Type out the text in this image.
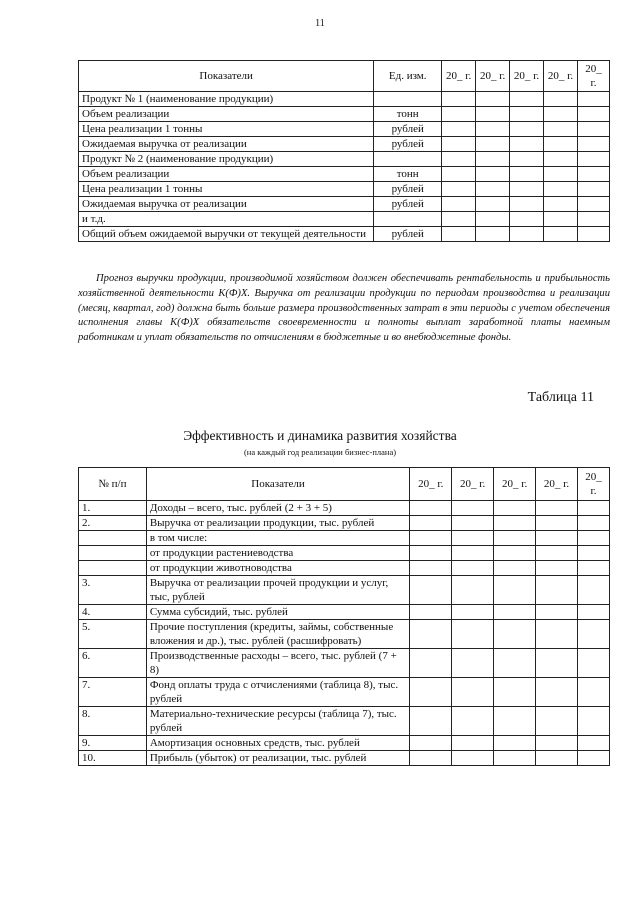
11
Показатели	Ед. изм.	20_ г.	20_ г.	20_ г.	20_ г.	20_ г.
Продукт № 1 (наименование продукции)						
Объем реализации	тонн					
Цена реализации 1 тонны	рублей					
Ожидаемая выручка от реализации	рублей					
Продукт № 2 (наименование продукции)						
Объем реализации	тонн					
Цена реализации 1 тонны	рублей					
Ожидаемая выручка от реализации	рублей					
и т.д.						
Общий объем ожидаемой выручки от текущей деятельности	рублей					

Прогноз выручки продукции, производимой хозяйством должен обеспечивать рентабельность и прибыльность хозяйственной деятельности К(Ф)Х. Выручка от реализации продукции по периодам производства и реализации (месяц, квартал, год) должна быть больше размера производственных затрат в эти периоды с учетом обеспечения исполнения главы К(Ф)Х обязательств своевременности и полноты выплат заработной платы наемным работникам и уплат обязательств по отчислениям в бюджетные и во внебюджетные фонды.

Таблица 11
Эффективность и динамика развития хозяйства
(на каждый год реализации бизнес-плана)
№ п/п	Показатели	20_ г.	20_ г.	20_ г.	20_ г.	20_ г.
1.	Доходы – всего, тыс. рублей (2 + 3 + 5)					
2.	Выручка от реализации продукции, тыс. рублей					
	в том числе:					
	от продукции растениеводства					
	от продукции животноводства					
3.	Выручка от реализации прочей продукции и услуг, тыс, рублей					
4.	Сумма субсидий, тыс. рублей					
5.	Прочие поступления (кредиты, займы, собственные вложения и др.), тыс. рублей (расшифровать)					
6.	Производственные расходы – всего, тыс. рублей (7 + 8)					
7.	Фонд оплаты труда с отчислениями (таблица 8), тыс. рублей					
8.	Материально-технические ресурсы (таблица 7), тыс. рублей					
9.	Амортизация основных средств, тыс. рублей					
10.	Прибыль (убыток) от реализации, тыс. рублей					
